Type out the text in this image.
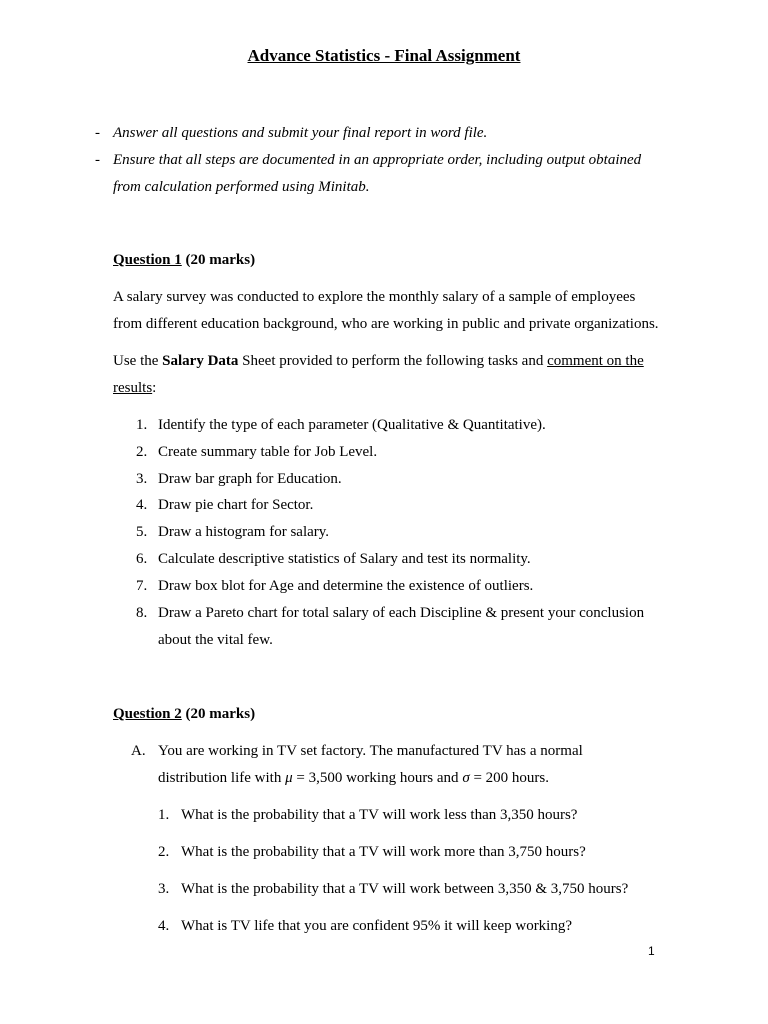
Advance Statistics - Final Assignment
- Answer all questions and submit your final report in word file.
- Ensure that all steps are documented in an appropriate order, including output obtained
from calculation performed using Minitab.
Question 1 (20 marks)
A salary survey was conducted to explore the monthly salary of a sample of employees
from different education background, who are working in public and private organizations.
Use the Salary Data Sheet provided to perform the following tasks and comment on the
results:
1. Identify the type of each parameter (Qualitative & Quantitative).
2. Create summary table for Job Level.
3. Draw bar graph for Education.
4. Draw pie chart for Sector.
5. Draw a histogram for salary.
6. Calculate descriptive statistics of Salary and test its normality.
7. Draw box blot for Age and determine the existence of outliers.
8. Draw a Pareto chart for total salary of each Discipline & present your conclusion
about the vital few.
Question 2 (20 marks)
A. You are working in TV set factory. The manufactured TV has a normal
distribution life with μ = 3,500 working hours and σ = 200 hours.
1. What is the probability that a TV will work less than 3,350 hours?
2. What is the probability that a TV will work more than 3,750 hours?
3. What is the probability that a TV will work between 3,350 & 3,750 hours?
4. What is TV life that you are confident 95% it will keep working?
1
